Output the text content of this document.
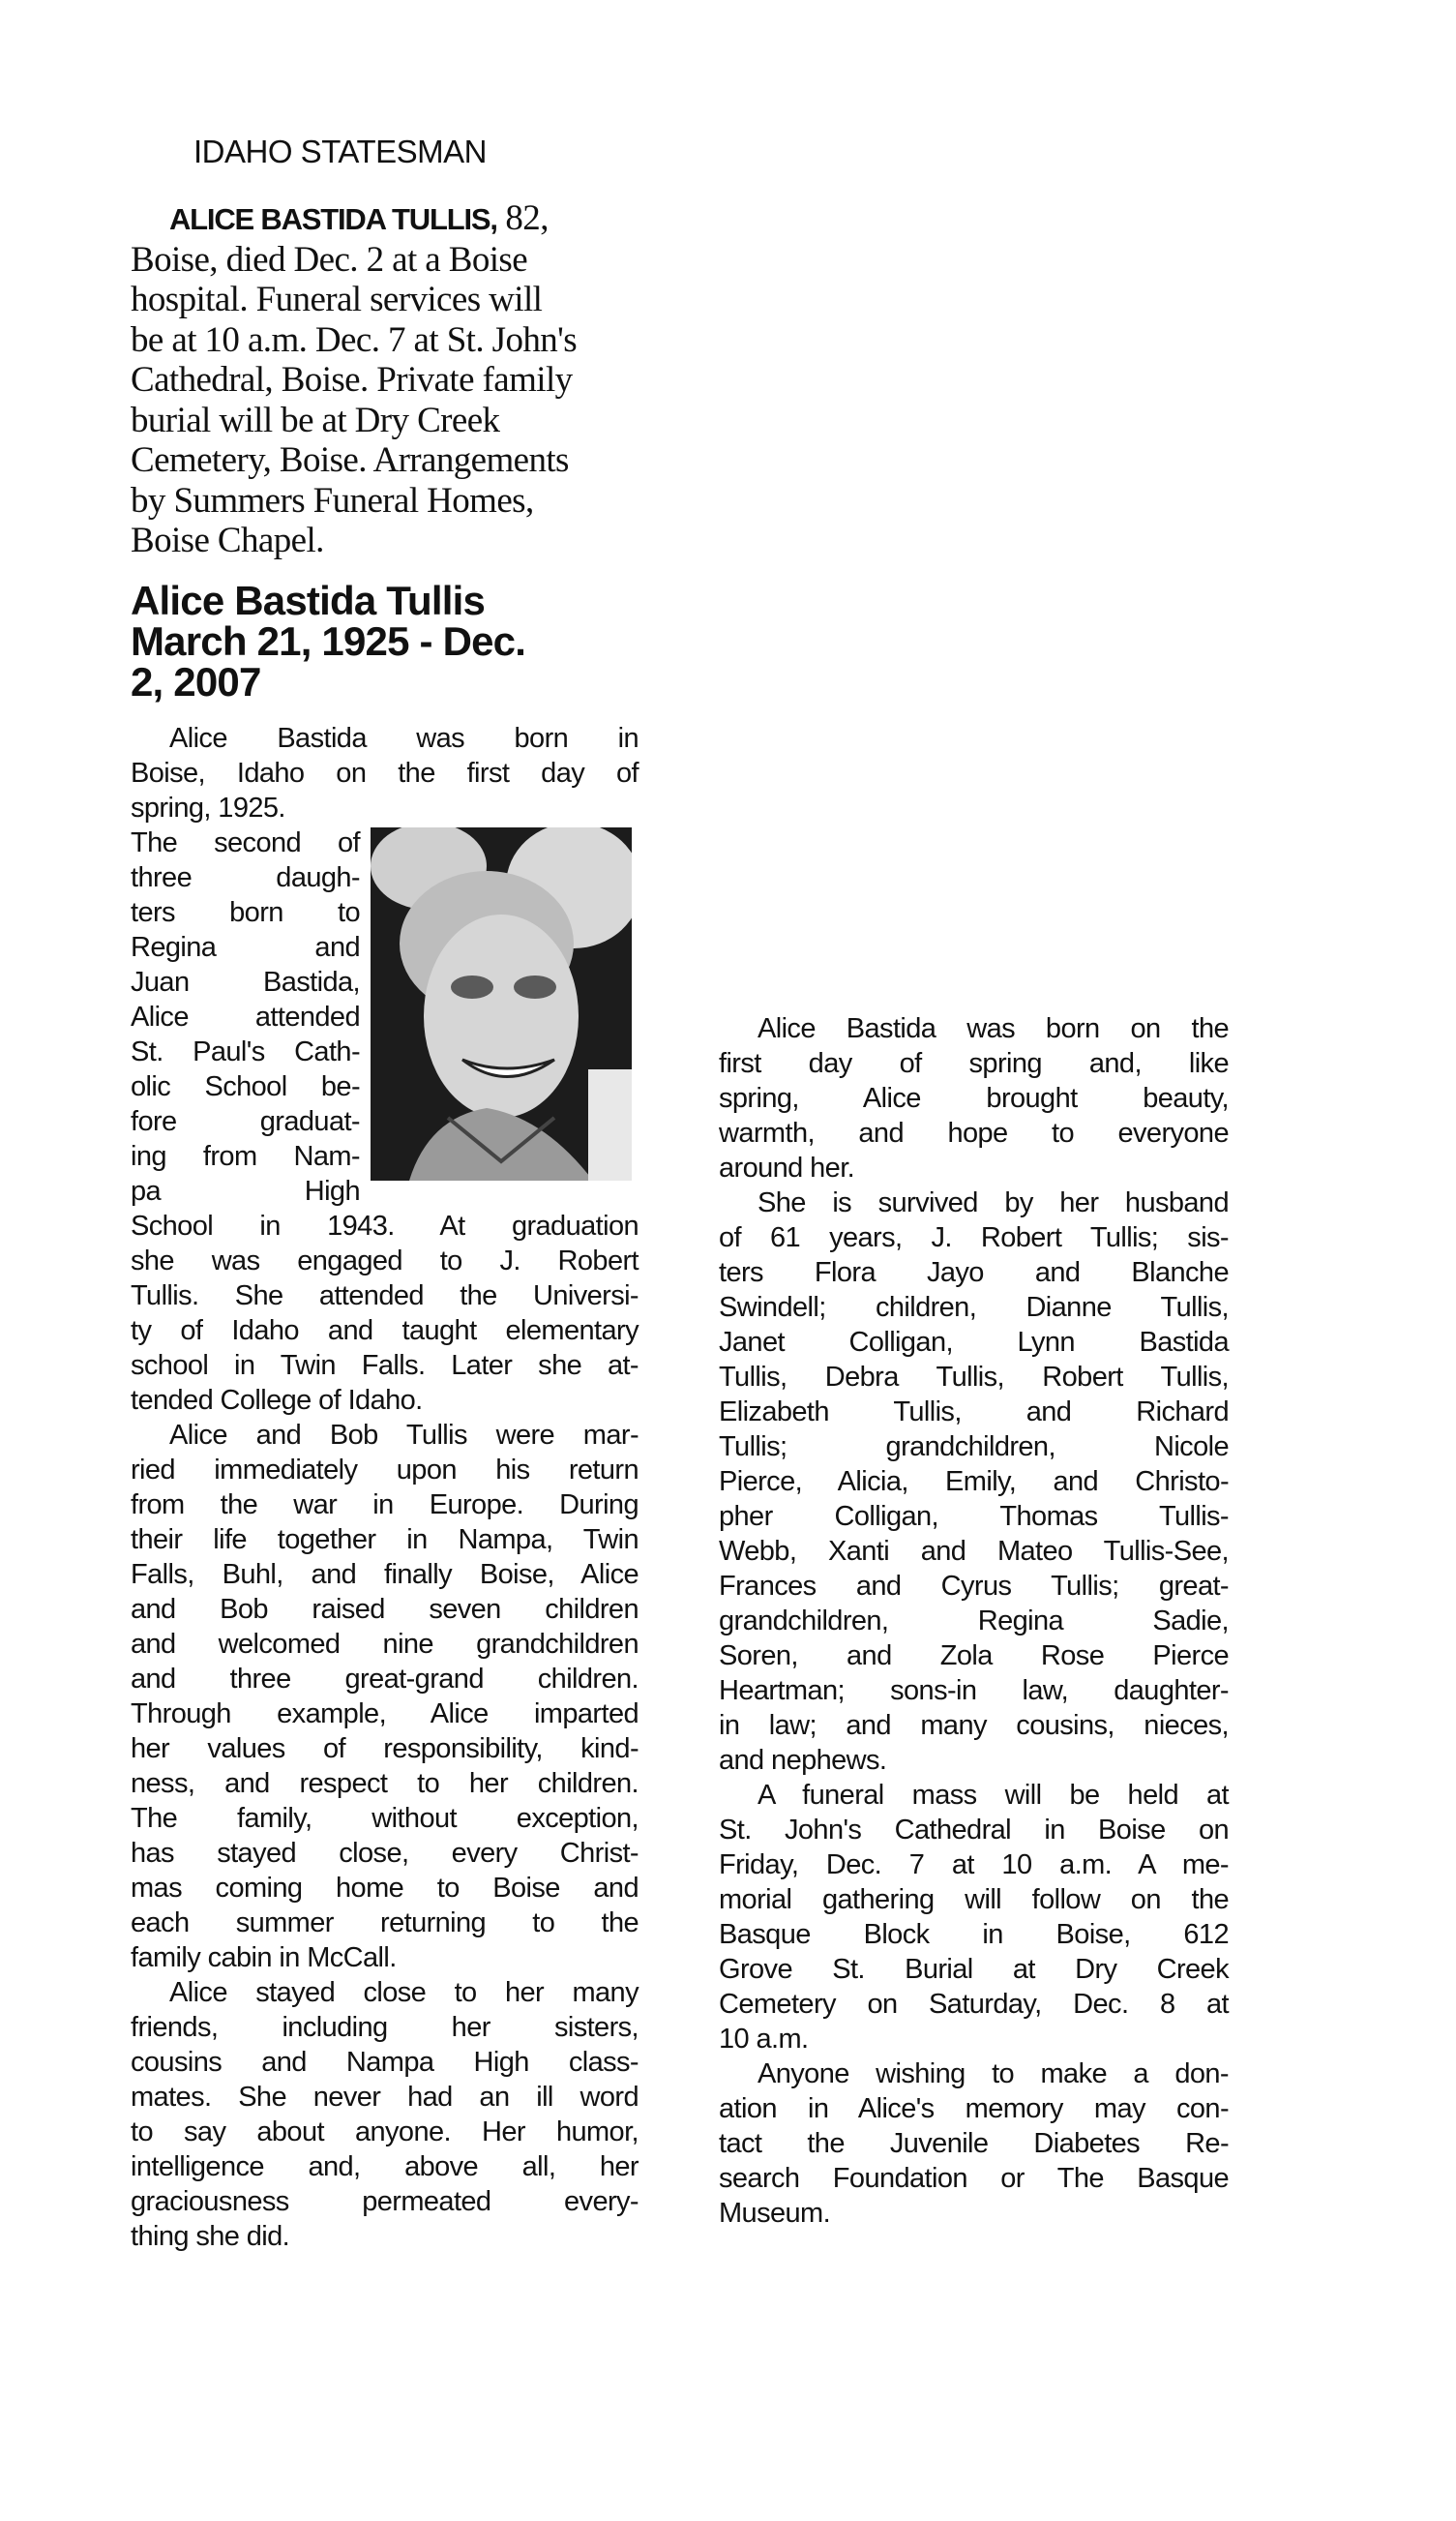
IDAHO STATESMAN
ALICE BASTIDA TULLIS, 82,
Boise, died Dec. 2 at a Boise
hospital. Funeral services will
be at 10 a.m. Dec. 7 at St. John's
Cathedral, Boise. Private family
burial will be at Dry Creek
Cemetery, Boise. Arrangements
by Summers Funeral Homes,
Boise Chapel.
Alice Bastida Tullis
March 21, 1925 - Dec.
2, 2007
Alice Bastida was born in
Boise, Idaho on the first day of
spring, 1925.
The second of
three daugh-
ters born to
Regina and
Juan Bastida,
Alice attended
St. Paul's Cath-
olic School be-
fore graduat-
ing from Nam-
pa High
School in 1943. At graduation
she was engaged to J. Robert
Tullis. She attended the Universi-
ty of Idaho and taught elementary
school in Twin Falls. Later she at-
tended College of Idaho.
Alice and Bob Tullis were mar-
ried immediately upon his return
from the war in Europe. During
their life together in Nampa, Twin
Falls, Buhl, and finally Boise, Alice
and Bob raised seven children
and welcomed nine grandchildren
and three great-grand children.
Through example, Alice imparted
her values of responsibility, kind-
ness, and respect to her children.
The family, without exception,
has stayed close, every Christ-
mas coming home to Boise and
each summer returning to the
family cabin in McCall.
Alice stayed close to her many
friends, including her sisters,
cousins and Nampa High class-
mates. She never had an ill word
to say about anyone. Her humor,
intelligence and, above all, her
graciousness permeated every-
thing she did.
Alice Bastida was born on the
first day of spring and, like
spring, Alice brought beauty,
warmth, and hope to everyone
around her.
She is survived by her husband
of 61 years, J. Robert Tullis; sis-
ters Flora Jayo and Blanche
Swindell; children, Dianne Tullis,
Janet Colligan, Lynn Bastida
Tullis, Debra Tullis, Robert Tullis,
Elizabeth Tullis, and Richard
Tullis; grandchildren, Nicole
Pierce, Alicia, Emily, and Christo-
pher Colligan, Thomas Tullis-
Webb, Xanti and Mateo Tullis-See,
Frances and Cyrus Tullis; great-
grandchildren, Regina Sadie,
Soren, and Zola Rose Pierce
Heartman; sons-in law, daughter-
in law; and many cousins, nieces,
and nephews.
A funeral mass will be held at
St. John's Cathedral in Boise on
Friday, Dec. 7 at 10 a.m. A me-
morial gathering will follow on the
Basque Block in Boise, 612
Grove St. Burial at Dry Creek
Cemetery on Saturday, Dec. 8 at
10 a.m.
Anyone wishing to make a don-
ation in Alice's memory may con-
tact the Juvenile Diabetes Re-
search Foundation or The Basque
Museum.
